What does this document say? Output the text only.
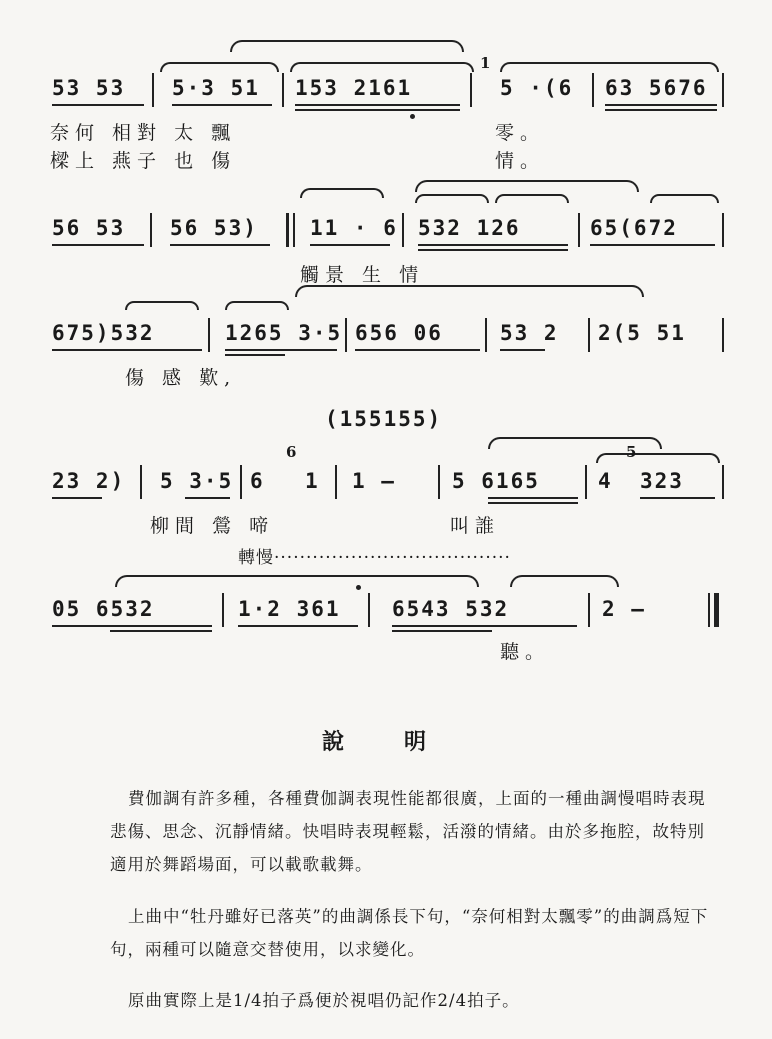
1
53 53 5·3 51 153 2161	5 ·(6 63 5676
奈何 相對 太 飄	零。
樑上 燕子 也 傷	情。
56 53 56 53) 11 · 6 532 126	65(672
觸景 生 情
675)532	1265 3·5 656 06	53 2 2(5 51
傷 感 歎,
(155155)
6	5
23 2) 5 3·5 6 1 1 —	5 6165	4 323
柳間 鶯 啼	叫誰
轉慢·····································
05 6532	1·2 361 6543 532	2 —
聽。
說明
費伽調有許多種，各種費伽調表現性能都很廣，上面的一種曲調慢唱時表現悲傷、思念、沉靜情緒。快唱時表現輕鬆，活潑的情緒。由於多拖腔，故特別適用於舞蹈場面，可以載歌載舞。
上曲中“牡丹雖好已落英”的曲調係長下句，“奈何相對太飄零”的曲調爲短下句，兩種可以隨意交替使用，以求變化。
原曲實際上是1/4拍子爲便於視唱仍記作2/4拍子。
